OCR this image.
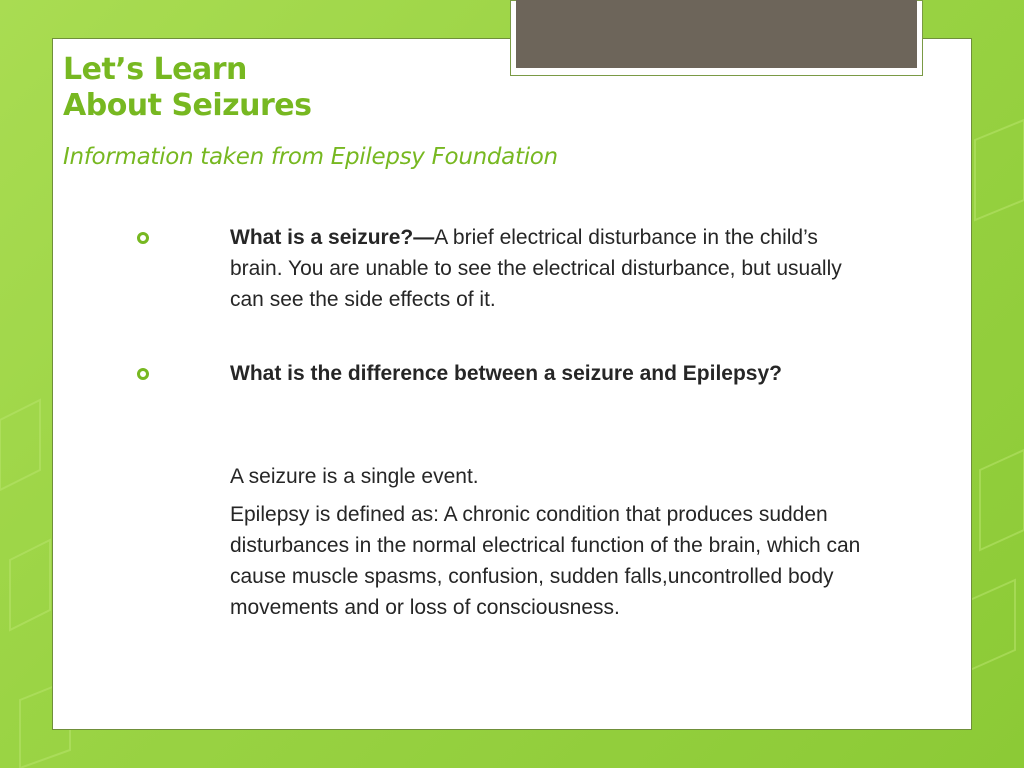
Let’s Learn
About Seizures
Information taken from Epilepsy Foundation
What is a seizure?—A brief electrical disturbance in the child’s brain. You are unable to see the electrical disturbance, but usually can see the side effects of it.
What is the difference between a seizure and Epilepsy?
A seizure is a single event.
Epilepsy is defined as: A chronic condition that produces sudden disturbances in the normal electrical function of the brain, which can cause muscle spasms, confusion, sudden falls,uncontrolled body movements and or loss of consciousness.
